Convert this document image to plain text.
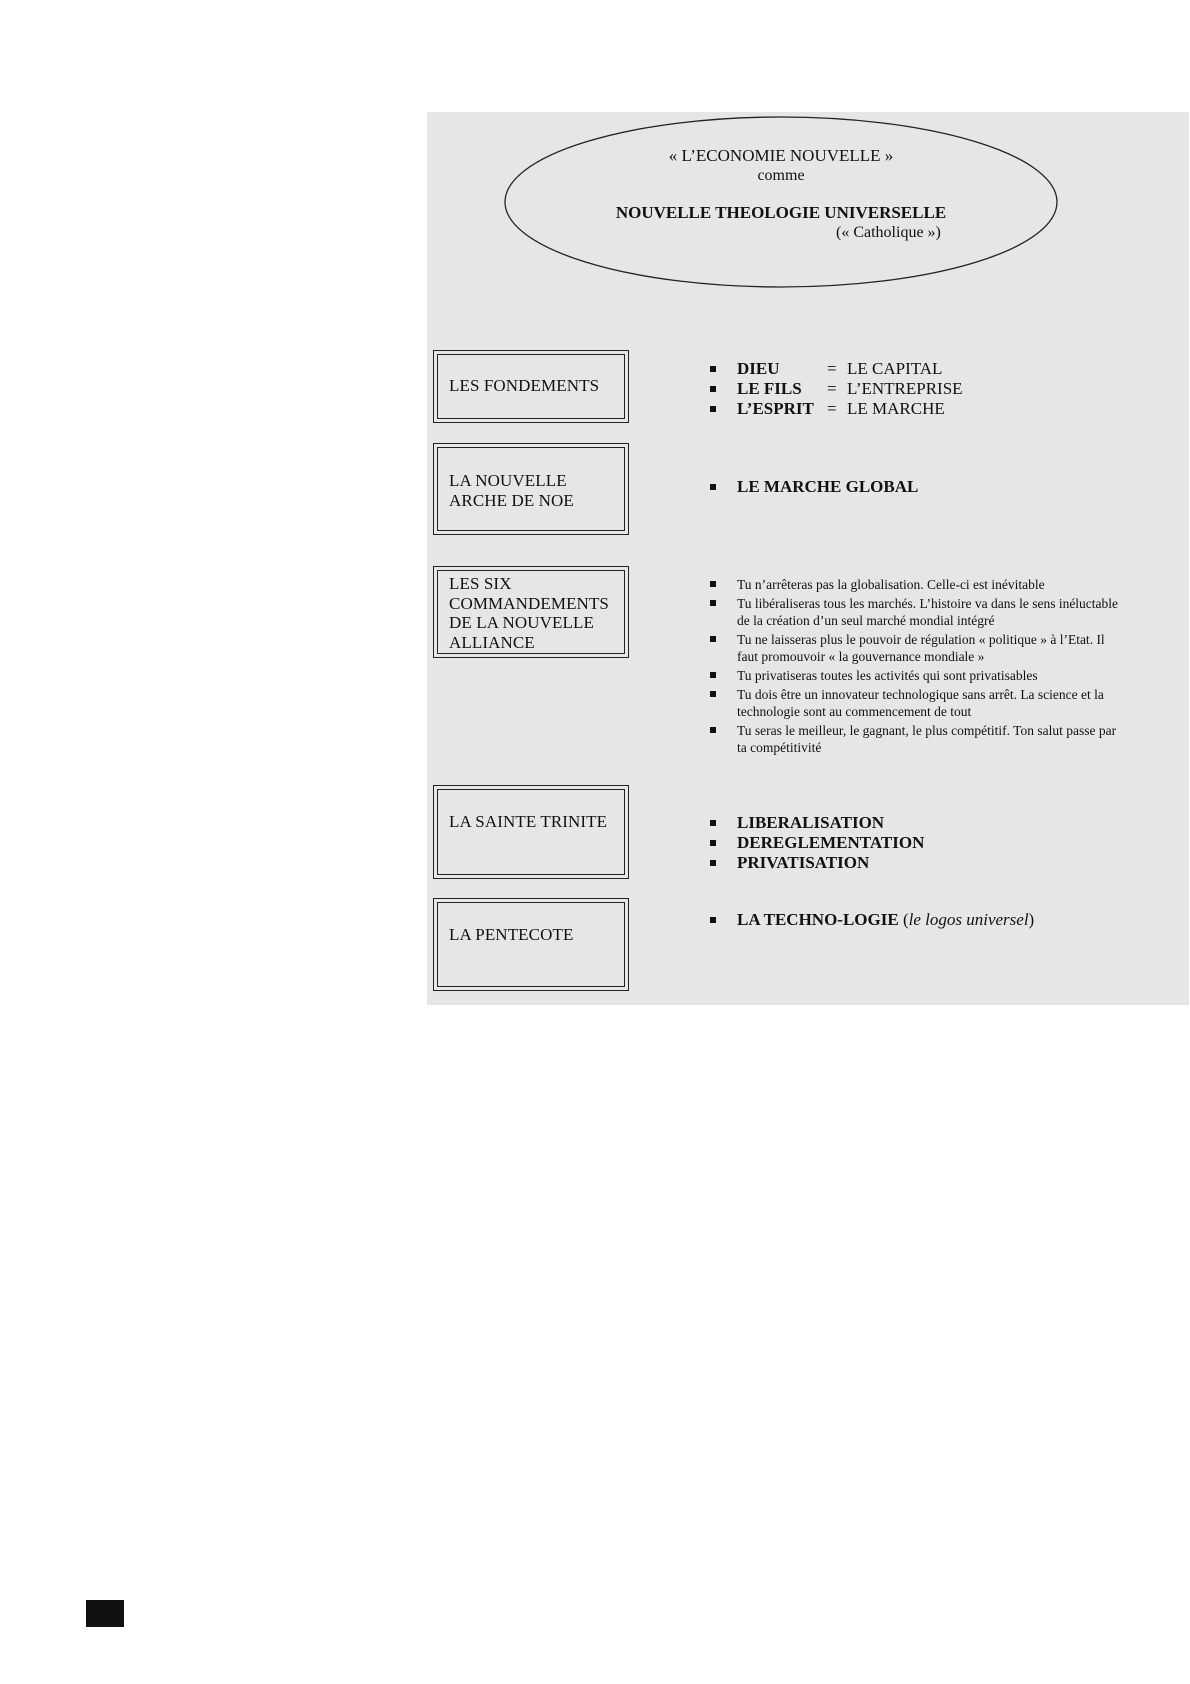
« L’ECONOMIE NOUVELLE »
comme
NOUVELLE THEOLOGIE UNIVERSELLE
(« Catholique »)
LES FONDEMENTS
DIEU	= LE CAPITAL
LE FILS = L’ENTREPRISE
L’ESPRIT = LE MARCHE
LA NOUVELLE
ARCHE DE NOE
LE MARCHE GLOBAL
LES SIX
COMMANDEMENTS
DE LA NOUVELLE
ALLIANCE
Tu n’arrêteras pas la globalisation. Celle-ci est inévitable
Tu libéraliseras tous les marchés. L’histoire va dans le sens inéluctable de la création d’un seul marché mondial intégré
Tu ne laisseras plus le pouvoir de régulation « politique » à l’Etat. Il faut promouvoir « la gouvernance mondiale »
Tu privatiseras toutes les activités qui sont privatisables
Tu dois être un innovateur technologique sans arrêt. La science et la technologie sont au commencement de tout
Tu seras le meilleur, le gagnant, le plus compétitif. Ton salut passe par ta compétitivité
LA SAINTE TRINITE	LIBERALISATION
DEREGLEMENTATION
PRIVATISATION
LA PENTECOTE
LA TECHNO-LOGIE (le logos universel)
